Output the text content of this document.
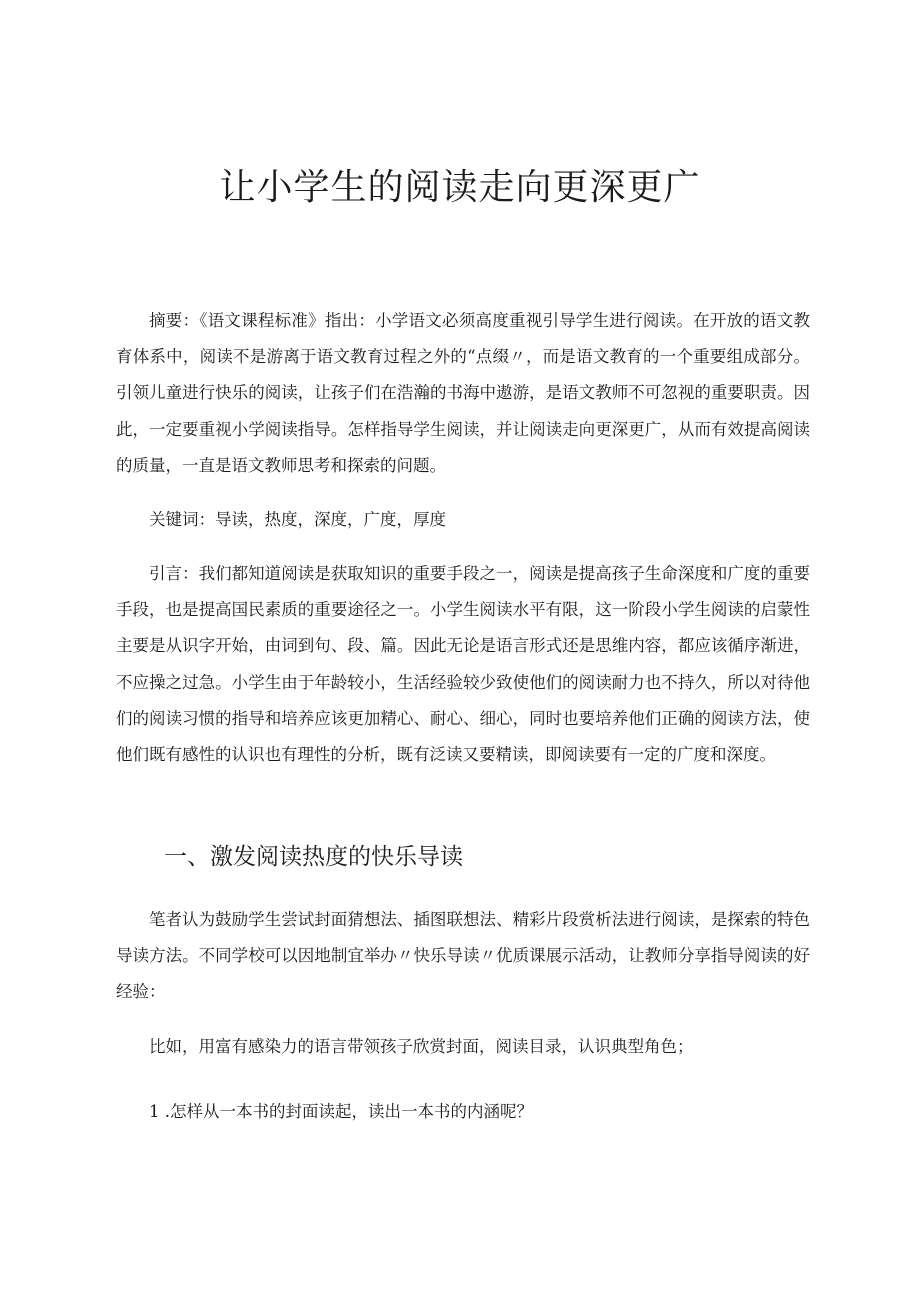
让小学生的阅读走向更深更广

摘要：《语文课程标准》指出：小学语文必须高度重视引导学生进行阅读。在开放的语文教育体系中，阅读不是游离于语文教育过程之外的“点缀〃，而是语文教育的一个重要组成部分。引领儿童进行快乐的阅读，让孩子们在浩瀚的书海中遨游，是语文教师不可忽视的重要职责。因此，一定要重视小学阅读指导。怎样指导学生阅读，并让阅读走向更深更广，从而有效提高阅读的质量，一直是语文教师思考和探索的问题。

关键词：导读，热度，深度，广度，厚度

引言：我们都知道阅读是获取知识的重要手段之一，阅读是提高孩子生命深度和广度的重要手段，也是提高国民素质的重要途径之一。小学生阅读水平有限，这一阶段小学生阅读的启蒙性主要是从识字开始，由词到句、段、篇。因此无论是语言形式还是思维内容，都应该循序渐进，不应操之过急。小学生由于年龄较小，生活经验较少致使他们的阅读耐力也不持久，所以对待他们的阅读习惯的指导和培养应该更加精心、耐心、细心，同时也要培养他们正确的阅读方法，使他们既有感性的认识也有理性的分析，既有泛读又要精读，即阅读要有一定的广度和深度。

一、激发阅读热度的快乐导读

笔者认为鼓励学生尝试封面猜想法、插图联想法、精彩片段赏析法进行阅读，是探索的特色导读方法。不同学校可以因地制宜举办〃快乐导读〃优质课展示活动，让教师分享指导阅读的好经验：

比如，用富有感染力的语言带领孩子欣赏封面，阅读目录，认识典型角色；

1 .怎样从一本书的封面读起，读出一本书的内涵呢？
